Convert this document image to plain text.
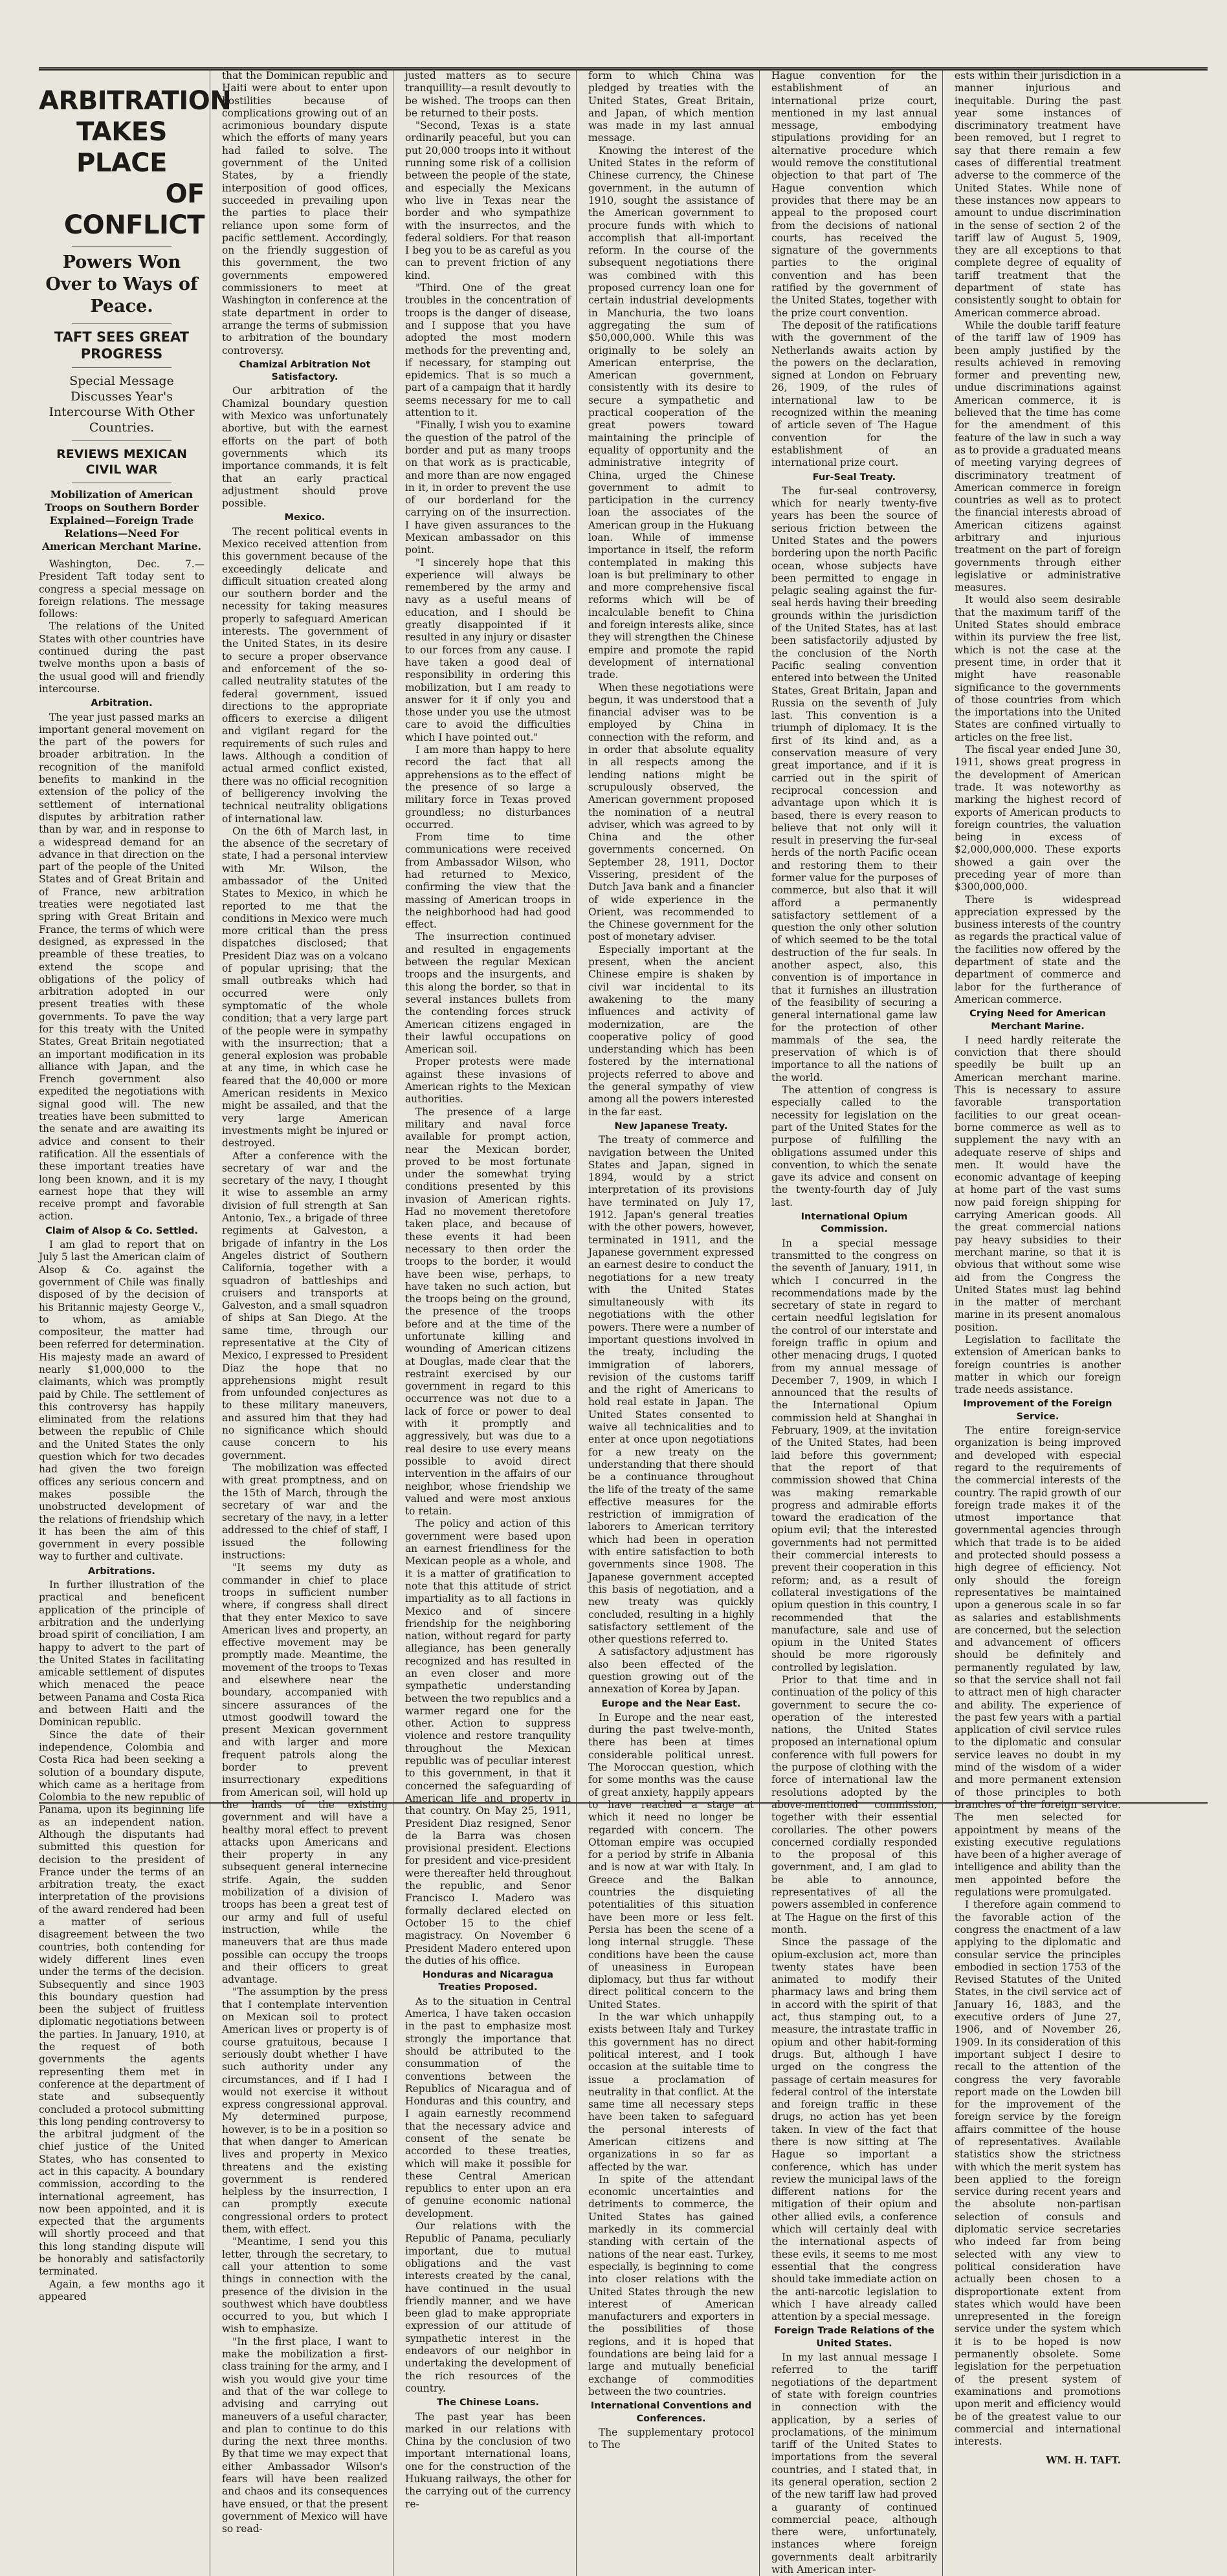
ARBITRATION
TAKES PLACE
OF CONFLICT
Powers Won Over to Ways of Peace.
TAFT SEES GREAT PROGRESS
Special Message Discusses Year's Intercourse With Other Countries.
REVIEWS MEXICAN CIVIL WAR
Mobilization of American Troops on Southern Border Explained—Foreign Trade Relations—Need For American Merchant Marine.

Washington, Dec. 7.—President Taft today sent to congress a special message on foreign relations. The message follows:

The relations of the United States with other countries have continued during the past twelve months upon a basis of the usual good will and friendly intercourse.

Arbitration.

The year just passed marks an important general movement on the part of the powers for broader arbitration. In the recognition of the manifold benefits to mankind in the extension of the policy of the settlement of international disputes by arbitration rather than by war, and in response to a widespread demand for an advance in that direction on the part of the people of the United States and of Great Britain and of France, new arbitration treaties were negotiated last spring with Great Britain and France, the terms of which were designed, as expressed in the preamble of these treaties, to extend the scope and obligations of the policy of arbitration adopted in our present treaties with these governments. To pave the way for this treaty with the United States, Great Britain negotiated an important modification in its alliance with Japan, and the French government also expedited the negotiations with signal good will. The new treaties have been submitted to the senate and are awaiting its advice and consent to their ratification. All the essentials of these important treaties have long been known, and it is my earnest hope that they will receive prompt and favorable action.

Claim of Alsop & Co. Settled.

I am glad to report that on July 5 last the American claim of Alsop & Co. against the government of Chile was finally disposed of by the decision of his Britannic majesty George V., to whom, as amiable compositeur, the matter had been referred for determination. His majesty made an award of nearly $1,000,000 to the claimants, which was promptly paid by Chile. The settlement of this controversy has happily eliminated from the relations between the republic of Chile and the United States the only question which for two decades had given the two foreign offices any serious concern and makes possible the unobstructed development of the relations of friendship which it has been the aim of this government in every possible way to further and cultivate.

Arbitrations.

In further illustration of the practical and beneficent application of the principle of arbitration and the underlying broad spirit of conciliation, I am happy to advert to the part of the United States in facilitating amicable settlement of disputes which menaced the peace between Panama and Costa Rica and between Haiti and the Dominican republic.

Since the date of their independence, Colombia and Costa Rica had been seeking a solution of a boundary dispute, which came as a heritage from Colombia to the new republic of Panama, upon its beginning life as an independent nation. Although the disputants had submitted this question for decision to the president of France under the terms of an arbitration treaty, the exact interpretation of the provisions of the award rendered had been a matter of serious disagreement between the two countries, both contending for widely different lines even under the terms of the decision. Subsequently and since 1903 this boundary question had been the subject of fruitless diplomatic negotiations between the parties. In January, 1910, at the request of both governments the agents representing them met in conference at the department of state and subsequently concluded a protocol submitting this long pending controversy to the arbitral judgment of the chief justice of the United States, who has consented to act in this capacity. A boundary commission, according to the international agreement, has now been appointed, and it is expected that the arguments will shortly proceed and that this long standing dispute will be honorably and satisfactorily terminated.

Again, a few months ago it appeared

that the Dominican republic and Haiti were about to enter upon hostilities because of complications growing out of an acrimonious boundary dispute which the efforts of many years had failed to solve. The government of the United States, by a friendly interposition of good offices, succeeded in prevailing upon the parties to place their reliance upon some form of pacific settlement. Accordingly, on the friendly suggestion of this government, the two governments empowered commissioners to meet at Washington in conference at the state department in order to arrange the terms of submission to arbitration of the boundary controversy.

Chamizal Arbitration Not Satisfactory.

Our arbitration of the Chamizal boundary question with Mexico was unfortunately abortive, but with the earnest efforts on the part of both governments which its importance commands, it is felt that an early practical adjustment should prove possible.

Mexico.

The recent political events in Mexico received attention from this government because of the exceedingly delicate and difficult situation created along our southern border and the necessity for taking measures properly to safeguard American interests. The government of the United States, in its desire to secure a proper observance and enforcement of the so-called neutrality statutes of the federal government, issued directions to the appropriate officers to exercise a diligent and vigilant regard for the requirements of such rules and laws. Although a condition of actual armed conflict existed, there was no official recognition of belligerency involving the technical neutrality obligations of international law.

On the 6th of March last, in the absence of the secretary of state, I had a personal interview with Mr. Wilson, the ambassador of the United States to Mexico, in which he reported to me that the conditions in Mexico were much more critical than the press dispatches disclosed; that President Diaz was on a volcano of popular uprising; that the small outbreaks which had occurred were only symptomatic of the whole condition; that a very large part of the people were in sympathy with the insurrection; that a general explosion was probable at any time, in which case he feared that the 40,000 or more American residents in Mexico might be assailed, and that the very large American investments might be injured or destroyed.

After a conference with the secretary of war and the secretary of the navy, I thought it wise to assemble an army division of full strength at San Antonio, Tex., a brigade of three regiments at Galveston, a brigade of infantry in the Los Angeles district of Southern California, together with a squadron of battleships and cruisers and transports at Galveston, and a small squadron of ships at San Diego. At the same time, through our representative at the City of Mexico, I expressed to President Diaz the hope that no apprehensions might result from unfounded conjectures as to these military maneuvers, and assured him that they had no significance which should cause concern to his government.

The mobilization was effected with great promptness, and on the 15th of March, through the secretary of war and the secretary of the navy, in a letter addressed to the chief of staff, I issued the following instructions:

"It seems my duty as commander in chief to place troops in sufficient number where, if congress shall direct that they enter Mexico to save American lives and property, an effective movement may be promptly made. Meantime, the movement of the troops to Texas and elsewhere near the boundary, accompanied with sincere assurances of the utmost goodwill toward the present Mexican government and with larger and more frequent patrols along the border to prevent insurrectionary expeditions from American soil, will hold up the hands of the existing government and will have a healthy moral effect to prevent attacks upon Americans and their property in any subsequent general internecine strife. Again, the sudden mobilization of a division of troops has been a great test of our army and full of useful instruction, while the maneuvers that are thus made possible can occupy the troops and their officers to great advantage.

"The assumption by the press that I contemplate intervention on Mexican soil to protect American lives or property is of course gratuitous, because I seriously doubt whether I have such authority under any circumstances, and if I had I would not exercise it without express congressional approval. My determined purpose, however, is to be in a position so that when danger to American lives and property in Mexico threatens and the existing government is rendered helpless by the insurrection, I can promptly execute congressional orders to protect them, with effect.

"Meantime, I send you this letter, through the secretary, to call your attention to some things in connection with the presence of the division in the southwest which have doubtless occurred to you, but which I wish to emphasize.

"In the first place, I want to make the mobilization a first-class training for the army, and I wish you would give your time and that of the war college to advising and carrying out maneuvers of a useful character, and plan to continue to do this during the next three months. By that time we may expect that either Ambassador Wilson's fears will have been realized and chaos and its consequences have ensued, or that the present government of Mexico will have so read-

justed matters as to secure tranquillity—a result devoutly to be wished. The troops can then be returned to their posts.

"Second, Texas is a state ordinarily peaceful, but you can put 20,000 troops into it without running some risk of a collision between the people of the state, and especially the Mexicans who live in Texas near the border and who sympathize with the insurrectos, and the federal soldiers. For that reason I beg you to be as careful as you can to prevent friction of any kind.

"Third. One of the great troubles in the concentration of troops is the danger of disease, and I suppose that you have adopted the most modern methods for the preventing and, if necessary, for stamping out epidemics. That is so much a part of a campaign that it hardly seems necessary for me to call attention to it.

"Finally, I wish you to examine the question of the patrol of the border and put as many troops on that work as is practicable, and more than are now engaged in it, in order to prevent the use of our borderland for the carrying on of the insurrection. I have given assurances to the Mexican ambassador on this point.

"I sincerely hope that this experience will always be remembered by the army and navy as a useful means of education, and I should be greatly disappointed if it resulted in any injury or disaster to our forces from any cause. I have taken a good deal of responsibility in ordering this mobilization, but I am ready to answer for it if only you and those under you use the utmost care to avoid the difficulties which I have pointed out."

I am more than happy to here record the fact that all apprehensions as to the effect of the presence of so large a military force in Texas proved groundless; no disturbances occurred.

From time to time communications were received from Ambassador Wilson, who had returned to Mexico, confirming the view that the massing of American troops in the neighborhood had had good effect.

The insurrection continued and resulted in engagements between the regular Mexican troops and the insurgents, and this along the border, so that in several instances bullets from the contending forces struck American citizens engaged in their lawful occupations on American soil.

Proper protests were made against these invasions of American rights to the Mexican authorities.

The presence of a large military and naval force available for prompt action, near the Mexican border, proved to be most fortunate under the somewhat trying conditions presented by this invasion of American rights. Had no movement theretofore taken place, and because of these events it had been necessary to then order the troops to the border, it would have been wise, perhaps, to have taken no such action, but the troops being on the ground, the presence of the troops before and at the time of the unfortunate killing and wounding of American citizens at Douglas, made clear that the restraint exercised by our government in regard to this occurrence was not due to a lack of force or power to deal with it promptly and aggressively, but was due to a real desire to use every means possible to avoid direct intervention in the affairs of our neighbor, whose friendship we valued and were most anxious to retain.

The policy and action of this government were based upon an earnest friendliness for the Mexican people as a whole, and it is a matter of gratification to note that this attitude of strict impartiality as to all factions in Mexico and of sincere friendship for the neighboring nation, without regard for party allegiance, has been generally recognized and has resulted in an even closer and more sympathetic understanding between the two republics and a warmer regard one for the other. Action to suppress violence and restore tranquility throughout the Mexican republic was of peculiar interest to this government, in that it concerned the safeguarding of American life and property in that country. On May 25, 1911, President Diaz resigned, Senor de la Barra was chosen provisional president. Elections for president and vice-president were thereafter held throughout the republic, and Senor Francisco I. Madero was formally declared elected on October 15 to the chief magistracy. On November 6 President Madero entered upon the duties of his office.

Honduras and Nicaragua Treaties Proposed.

As to the situation in Central America, I have taken occasion in the past to emphasize most strongly the importance that should be attributed to the consummation of the conventions between the Republics of Nicaragua and of Honduras and this country, and I again earnestly recommend that the necessary advice and consent of the senate be accorded to these treaties, which will make it possible for these Central American republics to enter upon an era of genuine economic national development.

Our relations with the Republic of Panama, peculiarly important, due to mutual obligations and the vast interests created by the canal, have continued in the usual friendly manner, and we have been glad to make appropriate expression of our attitude of sympathetic interest in the endeavors of our neighbor in undertaking the development of the rich resources of the country.

The Chinese Loans.

The past year has been marked in our relations with China by the conclusion of two important international loans, one for the construction of the Hukuang railways, the other for the carrying out of the currency re-

form to which China was pledged by treaties with the United States, Great Britain, and Japan, of which mention was made in my last annual message.

Knowing the interest of the United States in the reform of Chinese currency, the Chinese government, in the autumn of 1910, sought the assistance of the American government to procure funds with which to accomplish that all-important reform. In the course of the subsequent negotiations there was combined with this proposed currency loan one for certain industrial developments in Manchuria, the two loans aggregating the sum of $50,000,000. While this was originally to be solely an American enterprise, the American government, consistently with its desire to secure a sympathetic and practical cooperation of the great powers toward maintaining the principle of equality of opportunity and the administrative integrity of China, urged the Chinese government to admit to participation in the currency loan the associates of the American group in the Hukuang loan. While of immense importance in itself, the reform contemplated in making this loan is but preliminary to other and more comprehensive fiscal reforms which will be of incalculable benefit to China and foreign interests alike, since they will strengthen the Chinese empire and promote the rapid development of international trade.

When these negotiations were begun, it was understood that a financial adviser was to be employed by China in connection with the reform, and in order that absolute equality in all respects among the lending nations might be scrupulously observed, the American government proposed the nomination of a neutral adviser, which was agreed to by China and the other governments concerned. On September 28, 1911, Doctor Vissering, president of the Dutch Java bank and a financier of wide experience in the Orient, was recommended to the Chinese government for the post of monetary adviser.

Especially important at the present, when the ancient Chinese empire is shaken by civil war incidental to its awakening to the many influences and activity of modernization, are the cooperative policy of good understanding which has been fostered by the international projects referred to above and the general sympathy of view among all the powers interested in the far east.

New Japanese Treaty.

The treaty of commerce and navigation between the United States and Japan, signed in 1894, would by a strict interpretation of its provisions have terminated on July 17, 1912. Japan's general treaties with the other powers, however, terminated in 1911, and the Japanese government expressed an earnest desire to conduct the negotiations for a new treaty with the United States simultaneously with its negotiations with the other powers. There were a number of important questions involved in the treaty, including the immigration of laborers, revision of the customs tariff and the right of Americans to hold real estate in Japan. The United States consented to waive all technicalities and to enter at once upon negotiations for a new treaty on the understanding that there should be a continuance throughout the life of the treaty of the same effective measures for the restriction of immigration of laborers to American territory which had been in operation with entire satisfaction to both governments since 1908. The Japanese government accepted this basis of negotiation, and a new treaty was quickly concluded, resulting in a highly satisfactory settlement of the other questions referred to.

A satisfactory adjustment has also been effected of the question growing out of the annexation of Korea by Japan.

Europe and the Near East.

In Europe and the near east, during the past twelve-month, there has been at times considerable political unrest. The Moroccan question, which for some months was the cause of great anxiety, happily appears to have reached a stage at which it need no longer be regarded with concern. The Ottoman empire was occupied for a period by strife in Albania and is now at war with Italy. In Greece and the Balkan countries the disquieting potentialities of this situation have been more or less felt. Persia has been the scene of a long internal struggle. These conditions have been the cause of uneasiness in European diplomacy, but thus far without direct political concern to the United States.

In the war which unhappily exists between Italy and Turkey this government has no direct political interest, and I took occasion at the suitable time to issue a proclamation of neutrality in that conflict. At the same time all necessary steps have been taken to safeguard the personal interests of American citizens and organizations in so far as affected by the war.

In spite of the attendant economic uncertainties and detriments to commerce, the United States has gained markedly in its commercial standing with certain of the nations of the near east. Turkey, especially, is beginning to come into closer relations with the United States through the new interest of American manufacturers and exporters in the possibilities of those regions, and it is hoped that foundations are being laid for a large and mutually beneficial exchange of commodities between the two countries.

International Conventions and Conferences.

The supplementary protocol to The

Hague convention for the establishment of an international prize court, mentioned in my last annual message, embodying stipulations providing for an alternative procedure which would remove the constitutional objection to that part of The Hague convention which provides that there may be an appeal to the proposed court from the decisions of national courts, has received the signature of the governments parties to the original convention and has been ratified by the government of the United States, together with the prize court convention.

The deposit of the ratifications with the government of the Netherlands awaits action by the powers on the declaration, signed at London on February 26, 1909, of the rules of international law to be recognized within the meaning of article seven of The Hague convention for the establishment of an international prize court.

Fur-Seal Treaty.

The fur-seal controversy, which for nearly twenty-five years has been the source of serious friction between the United States and the powers bordering upon the north Pacific ocean, whose subjects have been permitted to engage in pelagic sealing against the fur-seal herds having their breeding grounds within the jurisdiction of the United States, has at last been satisfactorily adjusted by the conclusion of the North Pacific sealing convention entered into between the United States, Great Britain, Japan and Russia on the seventh of July last. This convention is a triumph of diplomacy. It is the first of its kind and, as a conservation measure of very great importance, and if it is carried out in the spirit of reciprocal concession and advantage upon which it is based, there is every reason to believe that not only will it result in preserving the fur-seal herds of the north Pacific ocean and restoring them to their former value for the purposes of commerce, but also that it will afford a permanently satisfactory settlement of a question the only other solution of which seemed to be the total destruction of the fur seals. In another aspect, also, this convention is of importance in that it furnishes an illustration of the feasibility of securing a general international game law for the protection of other mammals of the sea, the preservation of which is of importance to all the nations of the world.

The attention of congress is especially called to the necessity for legislation on the part of the United States for the purpose of fulfilling the obligations assumed under this convention, to which the senate gave its advice and consent on the twenty-fourth day of July last.

International Opium Commission.

In a special message transmitted to the congress on the seventh of January, 1911, in which I concurred in the recommendations made by the secretary of state in regard to certain needful legislation for the control of our interstate and foreign traffic in opium and other menacing drugs, I quoted from my annual message of December 7, 1909, in which I announced that the results of the International Opium commission held at Shanghai in February, 1909, at the invitation of the United States, had been laid before this government; that the report of that commission showed that China was making remarkable progress and admirable efforts toward the eradication of the opium evil; that the interested governments had not permitted their commercial interests to prevent their cooperation in this reform; and, as a result of collateral investigations of the opium question in this country, I recommended that the manufacture, sale and use of opium in the United States should be more rigorously controlled by legislation.

Prior to that time and in continuation of the policy of this government to secure the co-operation of the interested nations, the United States proposed an international opium conference with full powers for the purpose of clothing with the force of international law the resolutions adopted by the above-mentioned commission, together with their essential corollaries. The other powers concerned cordially responded to the proposal of this government, and, I am glad to be able to announce, representatives of all the powers assembled in conference at The Hague on the first of this month.

Since the passage of the opium-exclusion act, more than twenty states have been animated to modify their pharmacy laws and bring them in accord with the spirit of that act, thus stamping out, to a measure, the intrastate traffic in opium and other habit-forming drugs. But, although I have urged on the congress the passage of certain measures for federal control of the interstate and foreign traffic in these drugs, no action has yet been taken. In view of the fact that there is now sitting at The Hague so important a conference, which has under review the municipal laws of the different nations for the mitigation of their opium and other allied evils, a conference which will certainly deal with the international aspects of these evils, it seems to me most essential that the congress should take immediate action on the anti-narcotic legislation to which I have already called attention by a special message.

Foreign Trade Relations of the United States.

In my last annual message I referred to the tariff negotiations of the department of state with foreign countries in connection with the application, by a series of proclamations, of the minimum tariff of the United States to importations from the several countries, and I stated that, in its general operation, section 2 of the new tariff law had proved a guaranty of continued commercial peace, although there were, unfortunately, instances where foreign governments dealt arbitrarily with American inter-

ests within their jurisdiction in a manner injurious and inequitable. During the past year some instances of discriminatory treatment have been removed, but I regret to say that there remain a few cases of differential treatment adverse to the commerce of the United States. While none of these instances now appears to amount to undue discrimination in the sense of section 2 of the tariff law of August 5, 1909, they are all exceptions to that complete degree of equality of tariff treatment that the department of state has consistently sought to obtain for American commerce abroad.

While the double tariff feature of the tariff law of 1909 has been amply justified by the results achieved in removing former and preventing new, undue discriminations against American commerce, it is believed that the time has come for the amendment of this feature of the law in such a way as to provide a graduated means of meeting varying degrees of discriminatory treatment of American commerce in foreign countries as well as to protect the financial interests abroad of American citizens against arbitrary and injurious treatment on the part of foreign governments through either legislative or administrative measures.

It would also seem desirable that the maximum tariff of the United States should embrace within its purview the free list, which is not the case at the present time, in order that it might have reasonable significance to the governments of those countries from which the importations into the United States are confined virtually to articles on the free list.

The fiscal year ended June 30, 1911, shows great progress in the development of American trade. It was noteworthy as marking the highest record of exports of American products to foreign countries, the valuation being in excess of $2,000,000,000. These exports showed a gain over the preceding year of more than $300,000,000.

There is widespread appreciation expressed by the business interests of the country as regards the practical value of the facilities now offered by the department of state and the department of commerce and labor for the furtherance of American commerce.

Crying Need for American Merchant Marine.

I need hardly reiterate the conviction that there should speedily be built up an American merchant marine. This is necessary to assure favorable transportation facilities to our great ocean-borne commerce as well as to supplement the navy with an adequate reserve of ships and men. It would have the economic advantage of keeping at home part of the vast sums now paid foreign shipping for carrying American goods. All the great commercial nations pay heavy subsidies to their merchant marine, so that it is obvious that without some wise aid from the Congress the United States must lag behind in the matter of merchant marine in its present anomalous position.

Legislation to facilitate the extension of American banks to foreign countries is another matter in which our foreign trade needs assistance.

Improvement of the Foreign Service.

The entire foreign-service organization is being improved and developed with especial regard to the requirements of the commercial interests of the country. The rapid growth of our foreign trade makes it of the utmost importance that governmental agencies through which that trade is to be aided and protected should possess a high degree of efficiency. Not only should the foreign representatives be maintained upon a generous scale in so far as salaries and establishments are concerned, but the selection and advancement of officers should be definitely and permanently regulated by law, so that the service shall not fail to attract men of high character and ability. The experience of the past few years with a partial application of civil service rules to the diplomatic and consular service leaves no doubt in my mind of the wisdom of a wider and more permanent extension of those principles to both branches of the foreign service. The men selected for appointment by means of the existing executive regulations have been of a higher average of intelligence and ability than the men appointed before the regulations were promulgated.

I therefore again commend to the favorable action of the congress the enactment of a law applying to the diplomatic and consular service the principles embodied in section 1753 of the Revised Statutes of the United States, in the civil service act of January 16, 1883, and the executive orders of June 27, 1906, and of November 26, 1909. In its consideration of this important subject I desire to recall to the attention of the congress the very favorable report made on the Lowden bill for the improvement of the foreign service by the foreign affairs committee of the house of representatives. Available statistics show the strictness with which the merit system has been applied to the foreign service during recent years and the absolute non-partisan selection of consuls and diplomatic service secretaries who indeed far from being selected with any view to political consideration have actually been chosen to a disproportionate extent from states which would have been unrepresented in the foreign service under the system which it is to be hoped is now permanently obsolete. Some legislation for the perpetuation of the present system of examinations and promotions upon merit and efficiency would be of the greatest value to our commercial and international interests.

WM. H. TAFT.
